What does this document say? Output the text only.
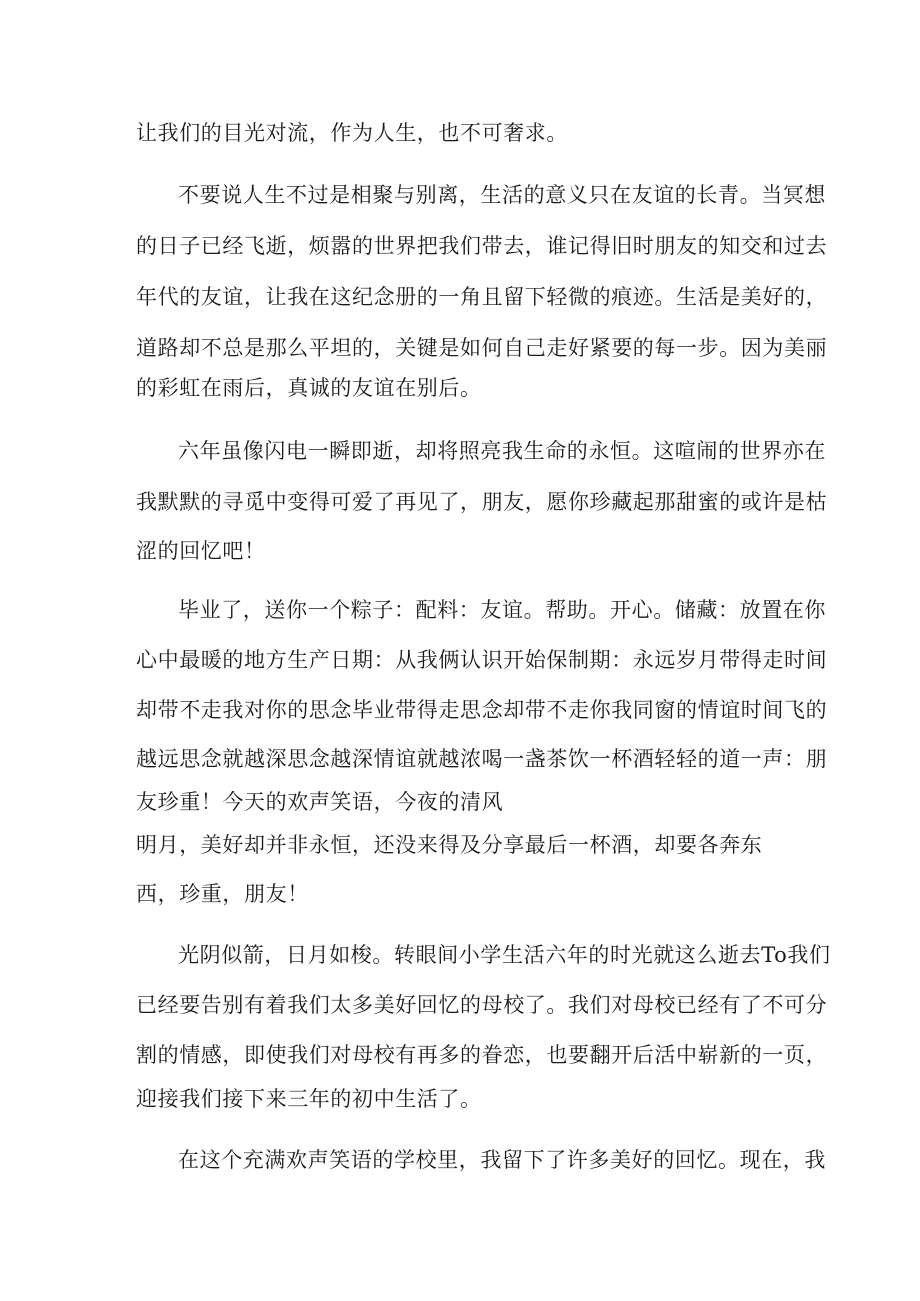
让我们的目光对流，作为人生，也不可奢求。

不要说人生不过是相聚与别离，生活的意义只在友谊的长青。当冥想

的日子已经飞逝，烦嚣的世界把我们带去，谁记得旧时朋友的知交和过去

年代的友谊，让我在这纪念册的一角且留下轻微的痕迹。生活是美好的，

道路却不总是那么平坦的，关键是如何自己走好紧要的每一步。因为美丽

的彩虹在雨后，真诚的友谊在别后。

六年虽像闪电一瞬即逝，却将照亮我生命的永恒。这喧闹的世界亦在

我默默的寻觅中变得可爱了再见了，朋友，愿你珍藏起那甜蜜的或许是枯

涩的回忆吧！

毕业了，送你一个粽子：配料：友谊。帮助。开心。储藏：放置在你

心中最暖的地方生产日期：从我俩认识开始保制期：永远岁月带得走时间

却带不走我对你的思念毕业带得走思念却带不走你我同窗的情谊时间飞的

越远思念就越深思念越深情谊就越浓喝一盏茶饮一杯酒轻轻的道一声：朋

友珍重！今天的欢声笑语，今夜的清风

明月，美好却并非永恒，还没来得及分享最后一杯酒，却要各奔东

西，珍重，朋友！

光阴似箭，日月如梭。转眼间小学生活六年的时光就这么逝去To我们

已经要告别有着我们太多美好回忆的母校了。我们对母校已经有了不可分

割的情感，即使我们对母校有再多的眷恋，也要翻开后活中崭新的一页，

迎接我们接下来三年的初中生活了。

在这个充满欢声笑语的学校里，我留下了许多美好的回忆。现在，我
